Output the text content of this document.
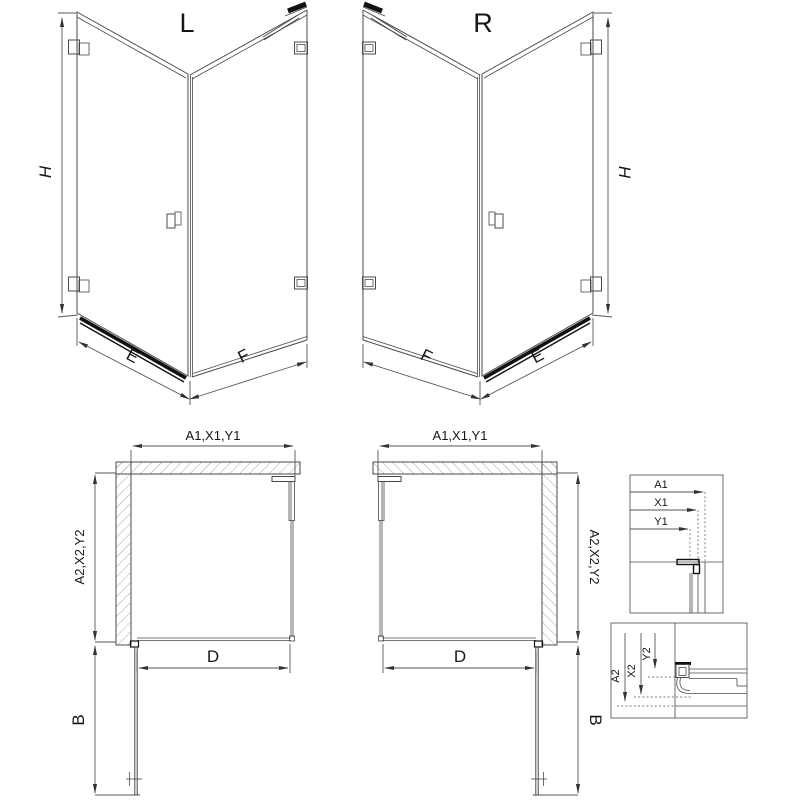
L
H
E	F
R
H
E
F
A1,X1,Y1
A2,X2,Y2
D
B
A1,X1,Y1
A2,X2,Y2
D
B
A1
X1
Y1
A2 X2
Y2
